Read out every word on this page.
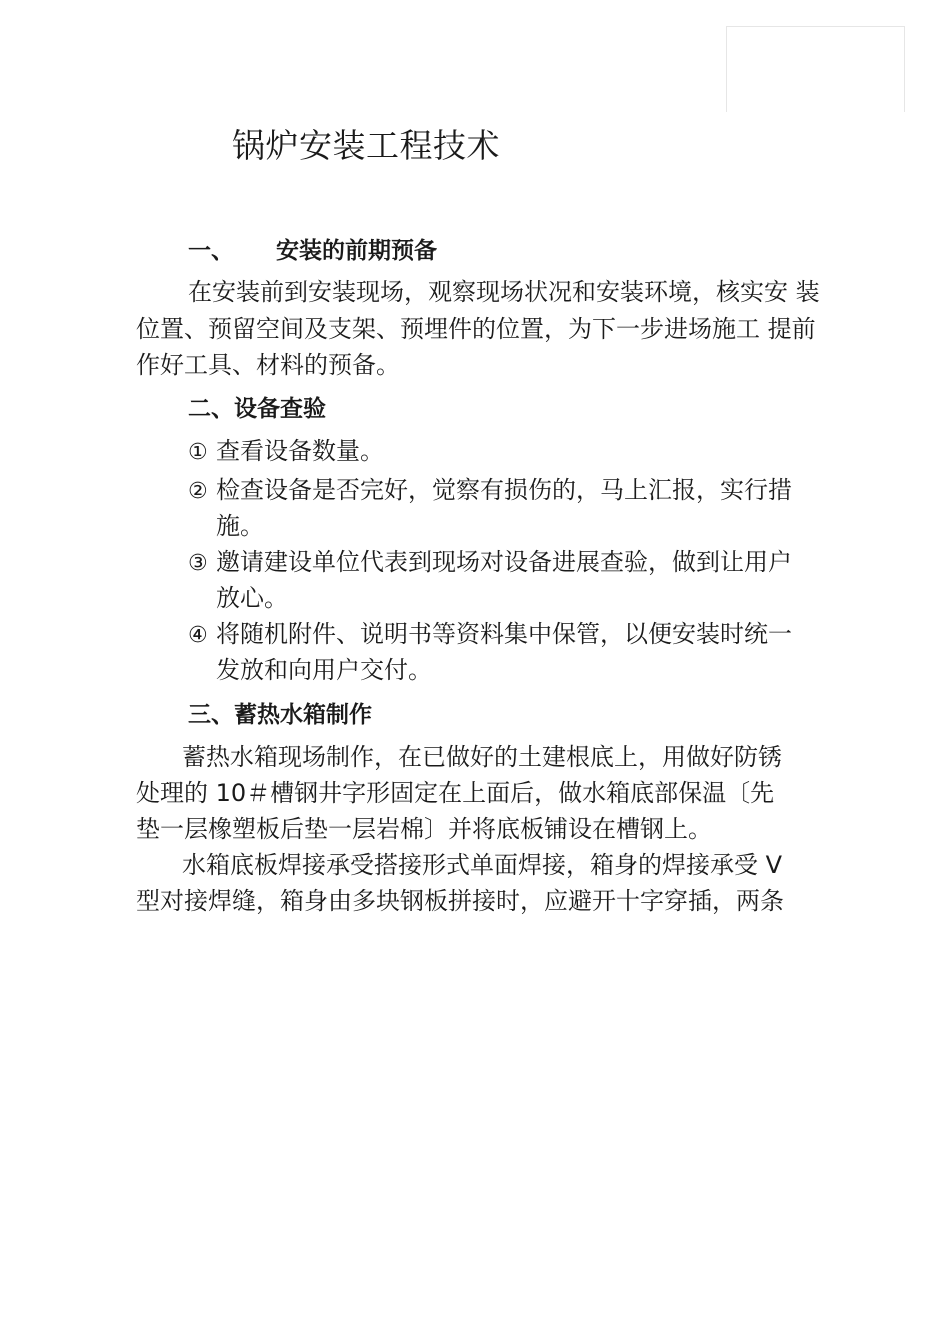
锅炉安装工程技术
一、 安装的前期预备
在安装前到安装现场，观察现场状况和安装环境，核实安 装
位置、预留空间及支架、预埋件的位置，为下一步进场施工 提前
作好工具、材料的预备。
二、设备查验
① 查看设备数量。
② 检查设备是否完好，觉察有损伤的，马上汇报，实行措
施。
③ 邀请建设单位代表到现场对设备进展查验，做到让用户
放心。
④ 将随机附件、说明书等资料集中保管，以便安装时统一
发放和向用户交付。
三、蓄热水箱制作
蓄热水箱现场制作，在已做好的土建根底上，用做好防锈
处理的 10＃槽钢井字形固定在上面后，做水箱底部保温〔先
垫一层橡塑板后垫一层岩棉〕并将底板铺设在槽钢上。
水箱底板焊接承受搭接形式单面焊接，箱身的焊接承受 V
型对接焊缝，箱身由多块钢板拼接时，应避开十字穿插，两条
